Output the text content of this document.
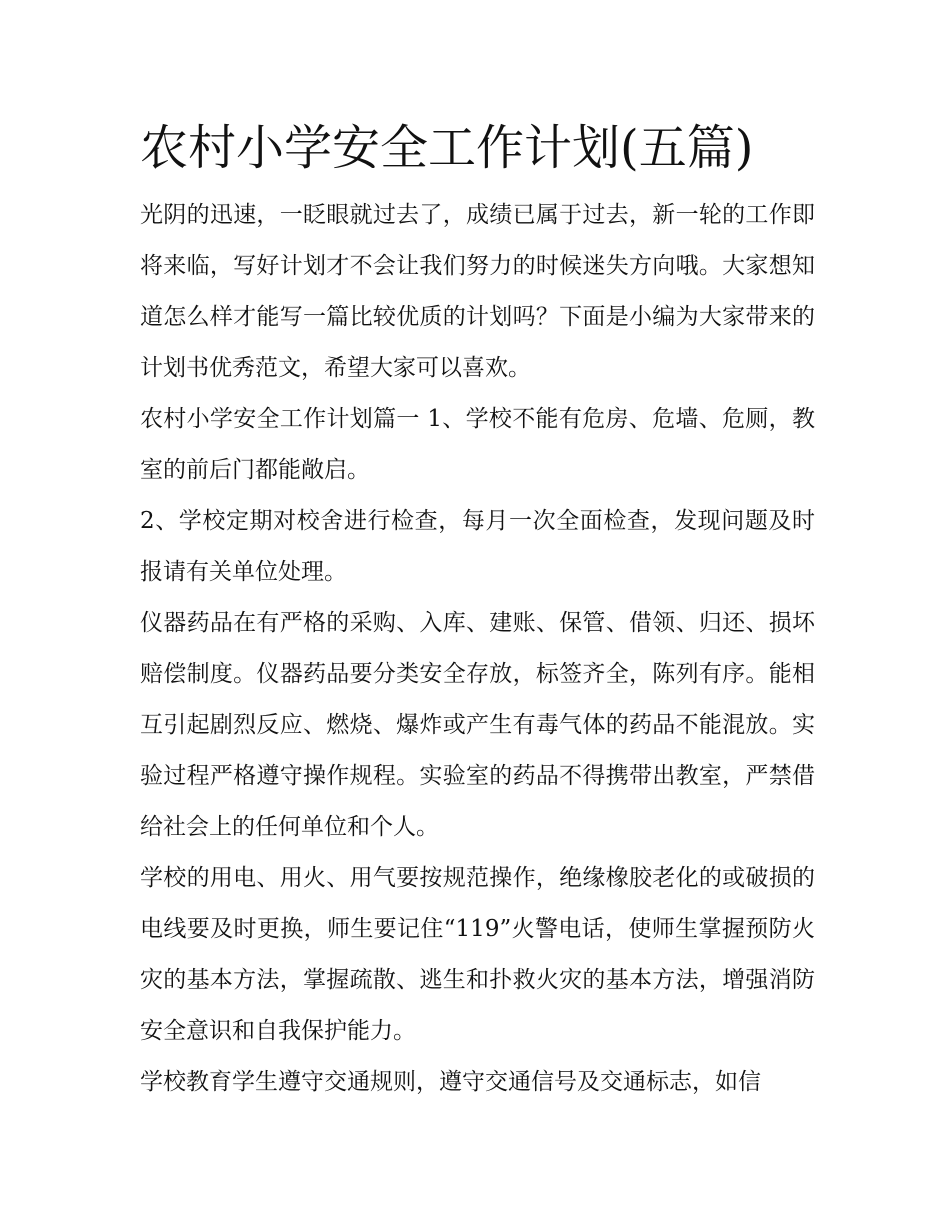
农村小学安全工作计划(五篇)

光阴的迅速，一眨眼就过去了，成绩已属于过去，新一轮的工作即将来临，写好计划才不会让我们努力的时候迷失方向哦。大家想知道怎么样才能写一篇比较优质的计划吗？下面是小编为大家带来的计划书优秀范文，希望大家可以喜欢。

农村小学安全工作计划篇一 1、学校不能有危房、危墙、危厕，教室的前后门都能敞启。

2、学校定期对校舍进行检查，每月一次全面检查，发现问题及时报请有关单位处理。

仪器药品在有严格的采购、入库、建账、保管、借领、归还、损坏赔偿制度。仪器药品要分类安全存放，标签齐全，陈列有序。能相互引起剧烈反应、燃烧、爆炸或产生有毒气体的药品不能混放。实验过程严格遵守操作规程。实验室的药品不得携带出教室，严禁借给社会上的任何单位和个人。

学校的用电、用火、用气要按规范操作，绝缘橡胶老化的或破损的电线要及时更换，师生要记住“119”火警电话，使师生掌握预防火灾的基本方法，掌握疏散、逃生和扑救火灾的基本方法，增强消防安全意识和自我保护能力。

学校教育学生遵守交通规则，遵守交通信号及交通标志，如信
